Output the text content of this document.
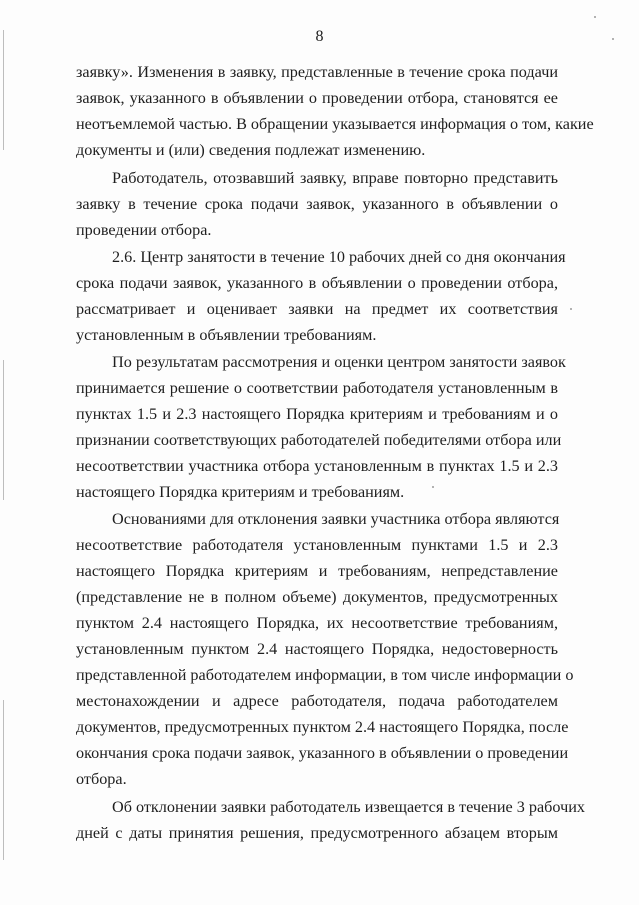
8
заявку». Изменения в заявку, представленные в течение срока подачи
заявок, указанного в объявлении о проведении отбора, становятся ее
неотъемлемой частью. В обращении указывается информация о том, какие
документы и (или) сведения подлежат изменению.
Работодатель, отозвавший заявку, вправе повторно представить
заявку в течение срока подачи заявок, указанного в объявлении о
проведении отбора.
2.6. Центр занятости в течение 10 рабочих дней со дня окончания
срока подачи заявок, указанного в объявлении о проведении отбора,
рассматривает и оценивает заявки на предмет их соответствия
установленным в объявлении требованиям.
По результатам рассмотрения и оценки центром занятости заявок
принимается решение о соответствии работодателя установленным в
пунктах 1.5 и 2.3 настоящего Порядка критериям и требованиям и о
признании соответствующих работодателей победителями отбора или
несоответствии участника отбора установленным в пунктах 1.5 и 2.3
настоящего Порядка критериям и требованиям.
Основаниями для отклонения заявки участника отбора являются
несоответствие работодателя установленным пунктами 1.5 и 2.3
настоящего Порядка критериям и требованиям, непредставление
(представление не в полном объеме) документов, предусмотренных
пунктом 2.4 настоящего Порядка, их несоответствие требованиям,
установленным пунктом 2.4 настоящего Порядка, недостоверность
представленной работодателем информации, в том числе информации о
местонахождении и адресе работодателя, подача работодателем
документов, предусмотренных пунктом 2.4 настоящего Порядка, после
окончания срока подачи заявок, указанного в объявлении о проведении
отбора.
Об отклонении заявки работодатель извещается в течение 3 рабочих
дней с даты принятия решения, предусмотренного абзацем вторым
